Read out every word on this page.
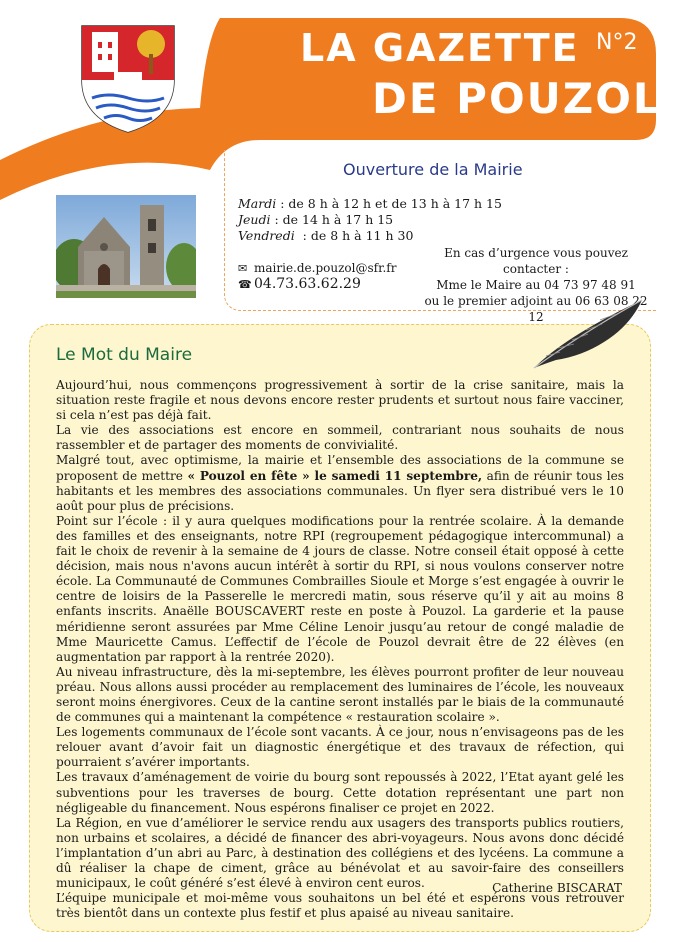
LA GAZETTE
DE POUZOL
N°2
Ouverture de la Mairie
Mardi : de 8 h à 12 h et de 13 h à 17 h 15
Jeudi : de 14 h à 17 h 15
Vendredi  : de 8 h à 11 h 30
✉ mairie.de.pouzol@sfr.fr
☎ 04.73.63.62.29
En cas d’urgence vous pouvez contacter :
Mme le Maire au 04 73 97 48 91
ou le premier adjoint au 06 63 08 22 12
Le Mot du Maire

Aujourd’hui, nous commençons progressivement à sortir de la crise sanitaire, mais la situation reste fragile et nous devons encore rester prudents et surtout nous faire vacciner, si cela n’est pas déjà fait.

La vie des associations est encore en sommeil, contrariant nous souhaits de nous rassembler et de partager des moments de convivialité.

Malgré tout, avec optimisme, la mairie et l’ensemble des associations de la commune se proposent de mettre « Pouzol en fête » le samedi 11 septembre, afin de réunir tous les habitants et les membres des associations communales. Un flyer sera distribué vers le 10 août pour plus de précisions.

Point sur l’école : il y aura quelques modifications pour la rentrée scolaire. À la demande des familles et des enseignants, notre RPI (regroupement pédagogique intercommunal) a fait le choix de revenir à la semaine de 4 jours de classe. Notre conseil était opposé à cette décision, mais nous n'avons aucun intérêt à sortir du RPI, si nous voulons conserver notre école. La Communauté de Communes Combrailles Sioule et Morge s’est engagée à ouvrir le centre de loisirs de la Passerelle le mercredi matin, sous réserve qu’il y ait au moins 8 enfants inscrits. Anaëlle BOUSCAVERT reste en poste à Pouzol. La garderie et la pause méridienne seront assurées par Mme Céline Lenoir jusqu’au retour de congé maladie de Mme Mauricette Camus. L’effectif de l’école de Pouzol devrait être de 22 élèves (en augmentation par rapport à la rentrée 2020).

Au niveau infrastructure, dès la mi-septembre, les élèves pourront profiter de leur nouveau préau. Nous allons aussi procéder au remplacement des luminaires de l’école, les nouveaux seront moins énergivores. Ceux de la cantine seront installés par le biais de la communauté de communes qui a maintenant la compétence « restauration scolaire ».

Les logements communaux de l’école sont vacants. À ce jour, nous n’envisageons pas de les relouer avant d’avoir fait un diagnostic énergétique et des travaux de réfection, qui pourraient s’avérer importants.

Les travaux d’aménagement de voirie du bourg sont repoussés à 2022, l’Etat ayant gelé les subventions pour les traverses de bourg. Cette dotation représentant une part non négligeable du financement. Nous espérons finaliser ce projet en 2022.

La Région, en vue d’améliorer le service rendu aux usagers des transports publics routiers, non urbains et scolaires, a décidé de financer des abri-voyageurs. Nous avons donc décidé l’implantation d’un abri au Parc, à destination des collégiens et des lycéens. La commune a dû réaliser la chape de ciment, grâce au bénévolat et au savoir-faire des conseillers municipaux, le coût généré s’est élevé à environ cent euros.

L’équipe municipale et moi-même vous souhaitons un bel été et espérons vous retrouver très bientôt dans un contexte plus festif et plus apaisé au niveau sanitaire.

Catherine BISCARAT
